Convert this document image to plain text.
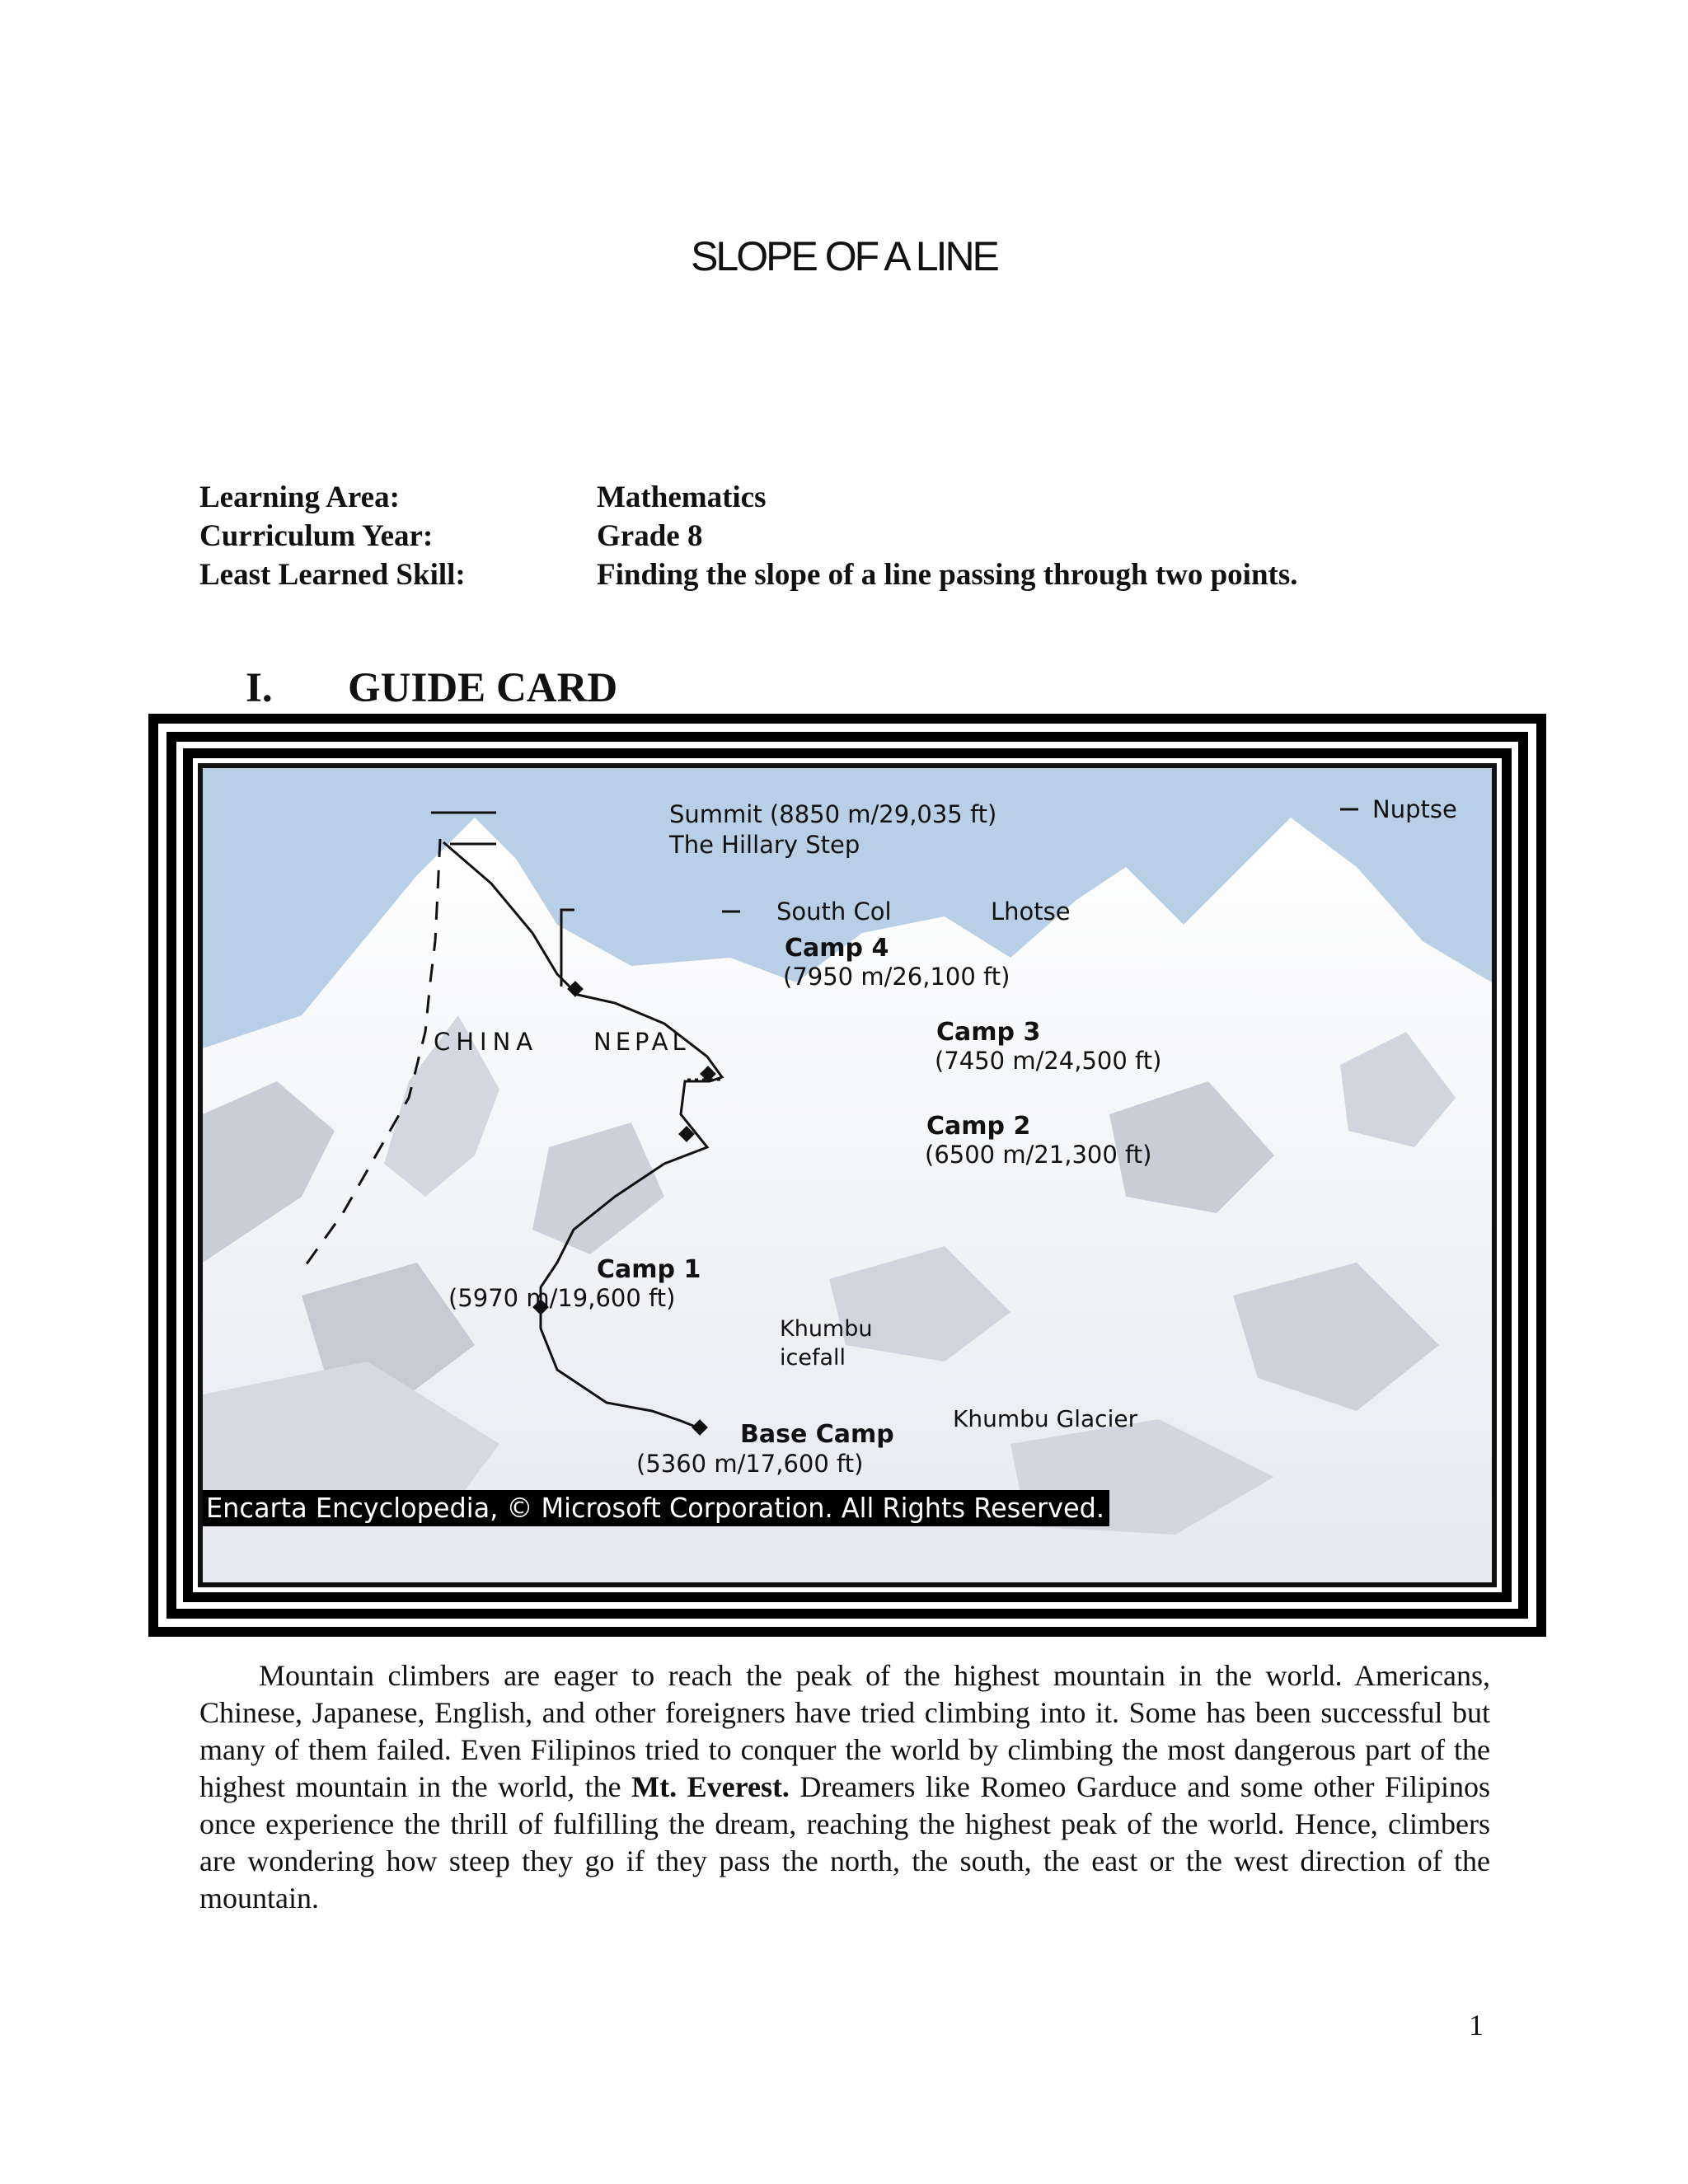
SLOPE OF A LINE
Learning Area:	Mathematics
Curriculum Year:	Grade 8
Least Learned Skill:	Finding the slope of a line passing through two points.
I. GUIDE CARD
Summit (8850 m/29,035 ft)
The Hillary Step
Nuptse
South Col	Lhotse
Camp 4
(7950 m/26,100 ft)
Camp 3
(7450 m/24,500 ft)
Camp 2
(6500 m/21,300 ft)
Camp 1
(5970 m/19,600 ft)
CHINA NEPAL
Khumbu
icefall
Khumbu Glacier
Base Camp
(5360 m/17,600 ft)
Encarta Encyclopedia, © Microsoft Corporation. All Rights Reserved.

  Mountain climbers are eager to reach the peak of the highest mountain in the world. Americans, Chinese, Japanese, English, and other foreigners have tried climbing into it. Some has been successful but many of them failed. Even Filipinos tried to conquer the world by climbing the most dangerous part of the highest mountain in the world, the Mt. Everest. Dreamers like Romeo Garduce and some other Filipinos once experience the thrill of fulfilling the dream, reaching the highest peak of the world. Hence, climbers are wondering how steep they go if they pass the north, the south, the east or the west direction of the mountain.

1
